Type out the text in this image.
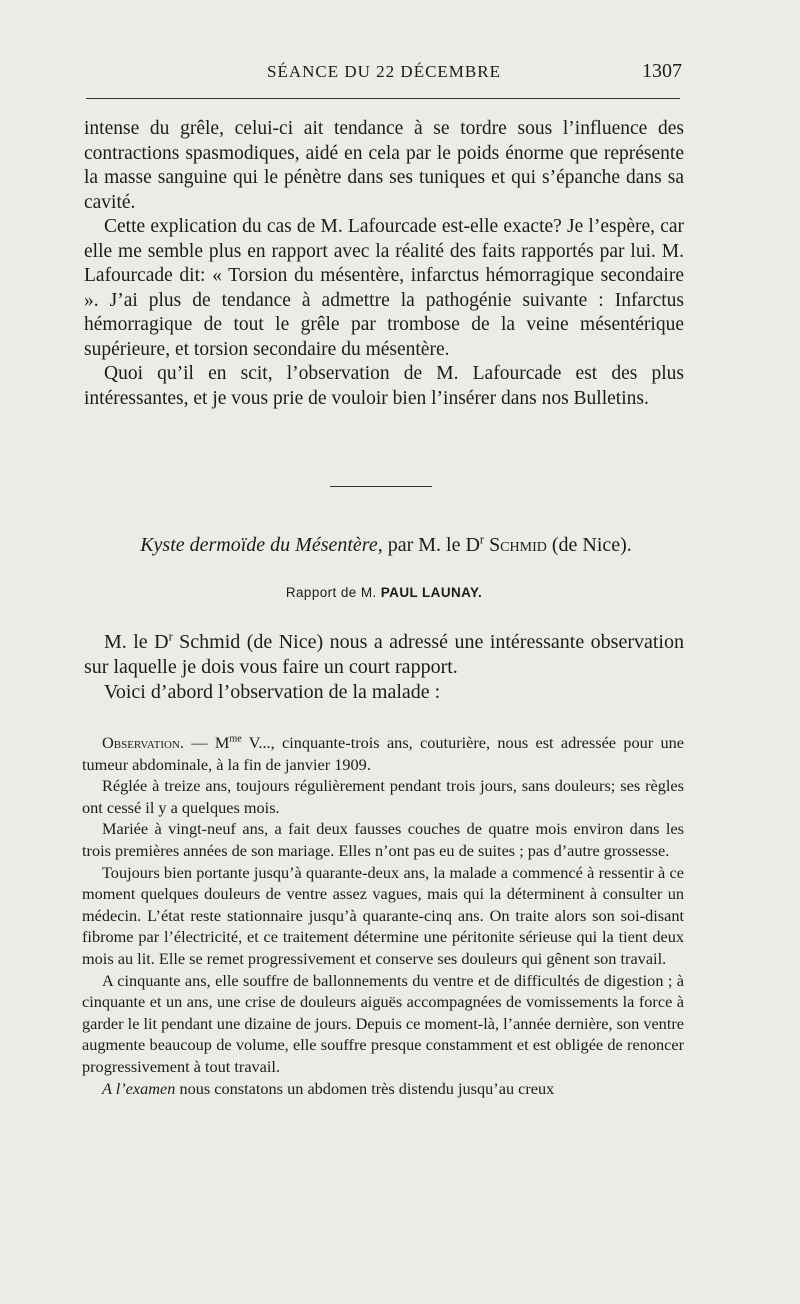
SÉANCE DU 22 DÉCEMBRE	1307

intense du grêle, celui-ci ait tendance à se tordre sous l’influence des contractions spasmodiques, aidé en cela par le poids énorme que représente la masse sanguine qui le pénètre dans ses tuniques et qui s’épanche dans sa cavité.

Cette explication du cas de M. Lafourcade est-elle exacte? Je l’espère, car elle me semble plus en rapport avec la réalité des faits rapportés par lui. M. Lafourcade dit: « Torsion du mésentère, infarctus hémorragique secondaire ». J’ai plus de tendance à admettre la pathogénie suivante : Infarctus hémorragique de tout le grêle par trombose de la veine mésentérique supérieure, et torsion secondaire du mésentère.

Quoi qu’il en scit, l’observation de M. Lafourcade est des plus intéressantes, et je vous prie de vouloir bien l’insérer dans nos Bulletins.

Kyste dermoïde du Mésentère, par M. le $D^r$ Schmid (de Nice).
Rapport de M. PAUL LAUNAY.

M. le $D^r$ Schmid (de Nice) nous a adressé une intéressante observation sur laquelle je dois vous faire un court rapport.

Voici d’abord l’observation de la malade :

Observation. — $M^{me}$ V..., cinquante-trois ans, couturière, nous est adressée pour une tumeur abdominale, à la fin de janvier 1909.

Réglée à treize ans, toujours régulièrement pendant trois jours, sans douleurs; ses règles ont cessé il y a quelques mois.

Mariée à vingt-neuf ans, a fait deux fausses couches de quatre mois environ dans les trois premières années de son mariage. Elles n’ont pas eu de suites ; pas d’autre grossesse.

Toujours bien portante jusqu’à quarante-deux ans, la malade a commencé à ressentir à ce moment quelques douleurs de ventre assez vagues, mais qui la déterminent à consulter un médecin. L’état reste stationnaire jusqu’à quarante-cinq ans. On traite alors son soi-disant fibrome par l’électricité, et ce traitement détermine une péritonite sérieuse qui la tient deux mois au lit. Elle se remet progressivement et conserve ses douleurs qui gênent son travail.

A cinquante ans, elle souffre de ballonnements du ventre et de difficultés de digestion ; à cinquante et un ans, une crise de douleurs aiguës accompagnées de vomissements la force à garder le lit pendant une dizaine de jours. Depuis ce moment-là, l’année dernière, son ventre augmente beaucoup de volume, elle souffre presque constamment et est obligée de renoncer progressivement à tout travail.

A l’examen nous constatons un abdomen très distendu jusqu’au creux
